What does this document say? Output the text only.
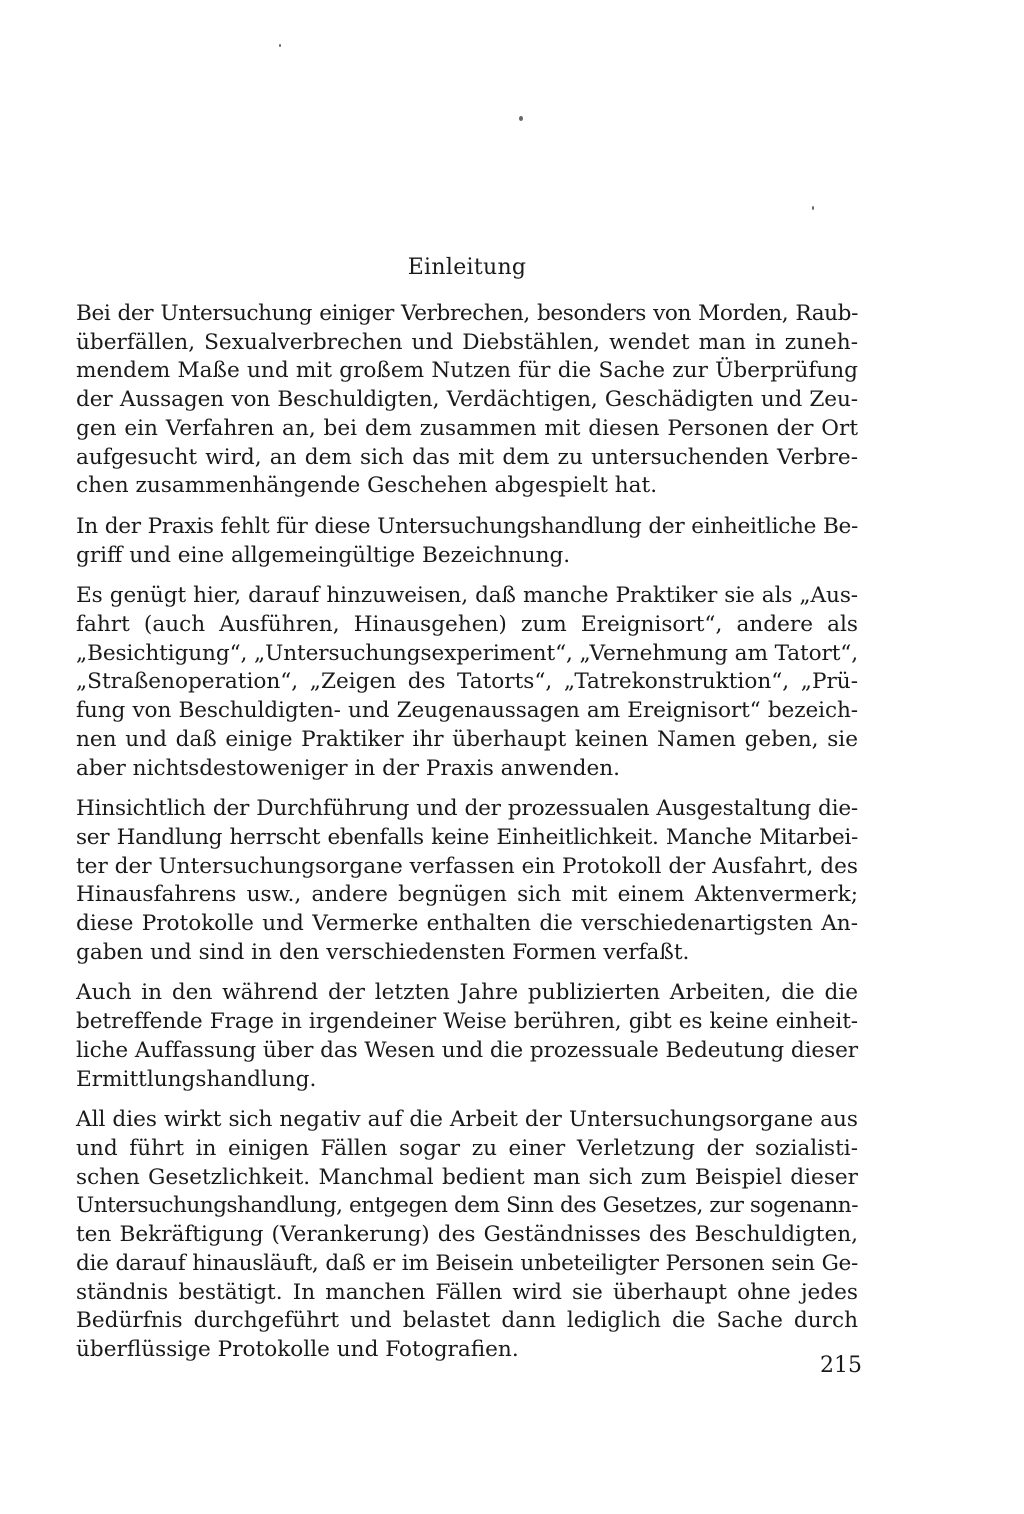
Einleitung

Bei der Untersuchung einiger Verbrechen, besonders von Morden, Raub-
überfällen, Sexualverbrechen und Diebstählen, wendet man in zuneh-
mendem Maße und mit großem Nutzen für die Sache zur Überprüfung
der Aussagen von Beschuldigten, Verdächtigen, Geschädigten und Zeu-
gen ein Verfahren an, bei dem zusammen mit diesen Personen der Ort
aufgesucht wird, an dem sich das mit dem zu untersuchenden Verbre-
chen zusammenhängende Geschehen abgespielt hat.

In der Praxis fehlt für diese Untersuchungshandlung der einheitliche Be-
griff und eine allgemeingültige Bezeichnung.

Es genügt hier, darauf hinzuweisen, daß manche Praktiker sie als „Aus-
fahrt (auch Ausführen, Hinausgehen) zum Ereignisort“, andere als
„Besichtigung“, „Untersuchungsexperiment“, „Vernehmung am Tatort“,
„Straßenoperation“, „Zeigen des Tatorts“, „Tatrekonstruktion“, „Prü-
fung von Beschuldigten- und Zeugenaussagen am Ereignisort“ bezeich-
nen und daß einige Praktiker ihr überhaupt keinen Namen geben, sie
aber nichtsdestoweniger in der Praxis anwenden.

Hinsichtlich der Durchführung und der prozessualen Ausgestaltung die-
ser Handlung herrscht ebenfalls keine Einheitlichkeit. Manche Mitarbei-
ter der Untersuchungsorgane verfassen ein Protokoll der Ausfahrt, des
Hinausfahrens usw., andere begnügen sich mit einem Aktenvermerk;
diese Protokolle und Vermerke enthalten die verschiedenartigsten An-
gaben und sind in den verschiedensten Formen verfaßt.

Auch in den während der letzten Jahre publizierten Arbeiten, die die
betreffende Frage in irgendeiner Weise berühren, gibt es keine einheit-
liche Auffassung über das Wesen und die prozessuale Bedeutung dieser
Ermittlungshandlung.

All dies wirkt sich negativ auf die Arbeit der Untersuchungsorgane aus
und führt in einigen Fällen sogar zu einer Verletzung der sozialisti-
schen Gesetzlichkeit. Manchmal bedient man sich zum Beispiel dieser
Untersuchungshandlung, entgegen dem Sinn des Gesetzes, zur sogenann-
ten Bekräftigung (Verankerung) des Geständnisses des Beschuldigten,
die darauf hinausläuft, daß er im Beisein unbeteiligter Personen sein Ge-
ständnis bestätigt. In manchen Fällen wird sie überhaupt ohne jedes
Bedürfnis durchgeführt und belastet dann lediglich die Sache durch
überflüssige Protokolle und Fotografien.

215
